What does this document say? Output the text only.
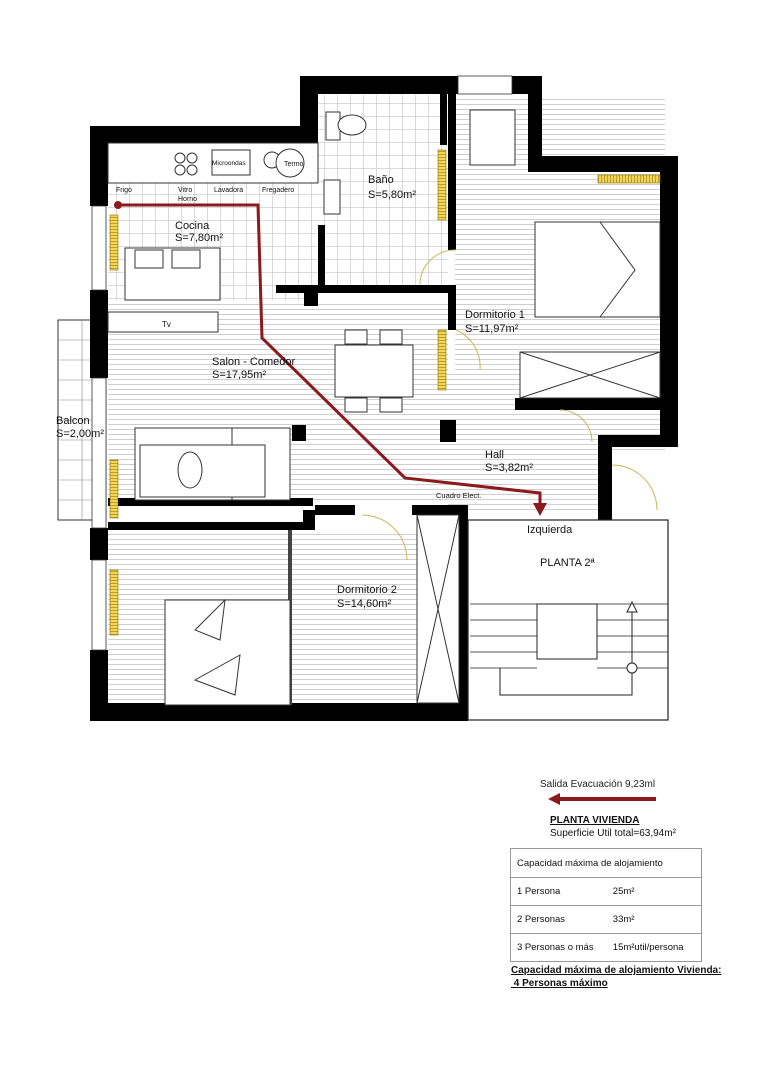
Cocina
S=7,80m²
Baño
S=5,80m²
Dormitorio 1
S=11,97m²
Salon - Comedor
S=17,95m²
Balcon
S=2,00m²
Hall
S=3,82m²
Dormitorio 2
S=14,60m²
Frigo	Vitro
Horno
Microondas
Lavadora
Termo
Fregadero
Tv
Cuadro Elect.
Izquierda
PLANTA 2ª
Salida Evacuación 9,23ml
PLANTA VIVIENDA
Superficie Util total=63,94m²
Capacidad máxima de alojamiento	
1 Persona	25m²
2 Personas	33m²
3 Personas o más	15m²util/persona
Capacidad máxima de alojamiento Vivienda:
4 Personas máximo
